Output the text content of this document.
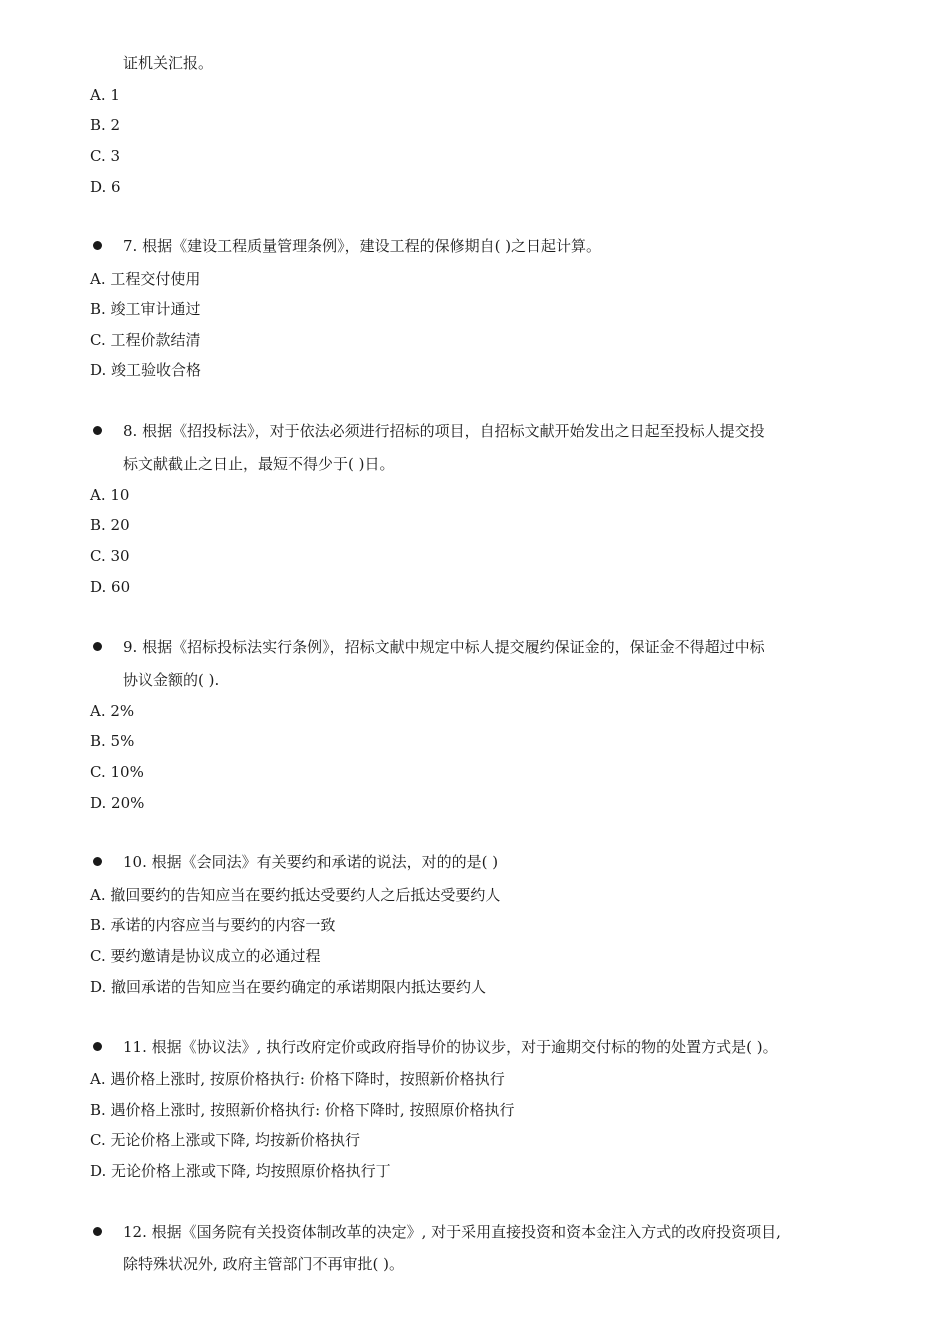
证机关汇报。
A. 1
B. 2
C. 3
D. 6
7. 根据《建设工程质量管理条例》，建设工程的保修期自( )之日起计算。
A. 工程交付使用
B. 竣工审计通过
C. 工程价款结清
D. 竣工验收合格
8. 根据《招投标法》，对于依法必须进行招标的项目，自招标文献开始发出之日起至投标人提交投
标文献截止之日止，最短不得少于( )日。
A. 10
B. 20
C. 30
D. 60
9. 根据《招标投标法实行条例》，招标文献中规定中标人提交履约保证金的，保证金不得超过中标
协议金额的( ).
A. 2%
B. 5%
C. 10%
D. 20%
10. 根据《会同法》有关要约和承诺的说法，对的的是( )
A. 撤回要约的告知应当在要约抵达受要约人之后抵达受要约人
B. 承诺的内容应当与要约的内容一致
C. 要约邀请是协议成立的必通过程
D. 撤回承诺的告知应当在要约确定的承诺期限内抵达要约人
11. 根据《协议法》, 执行改府定价或政府指导价的协议步，对于逾期交付标的物的处置方式是( )。
A. 遇价格上涨时, 按原价格执行: 价格下降时，按照新价格执行
B. 遇价格上涨时, 按照新价格执行: 价格下降时, 按照原价格执行
C. 无论价格上涨或下降, 均按新价格执行
D. 无论价格上涨或下降, 均按照原价格执行丁
12. 根据《国务院有关投资体制改革的决定》, 对于采用直接投资和资本金注入方式的改府投资项目,
除特殊状况外, 政府主管部门不再审批( )。
